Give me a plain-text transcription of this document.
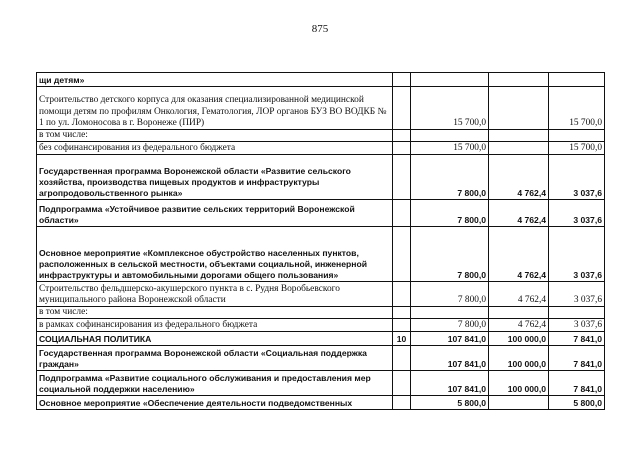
875
щи детям»				
Строительство детского корпуса для оказания специализированной медицинской помощи детям по профилям Онкология, Гематология, ЛОР органов БУЗ ВО ВОДКБ № 1 по ул. Ломоносова в г. Воронеже (ПИР)		15 700,0		15 700,0
в том числе:				
без софинансирования из федерального бюджета		15 700,0		15 700,0
Государственная программа Воронежской области «Развитие сельского хозяйства, производства пищевых продуктов и инфраструктуры агропродовольственного рынка»		7 800,0	4 762,4	3 037,6
Подпрограмма «Устойчивое развитие сельских территорий Воронежской области»		7 800,0	4 762,4	3 037,6
Основное мероприятие «Комплексное обустройство населенных пунктов, расположенных в сельской местности, объектами социальной, инженерной инфраструктуры и автомобильными дорогами общего пользования»		7 800,0	4 762,4	3 037,6
Строительство фельдшерско-акушерского пункта в с. Рудня Воробьевского муниципального района Воронежской области		7 800,0	4 762,4	3 037,6
в том числе:				
в рамках софинансирования из федерального бюджета		7 800,0	4 762,4	3 037,6
СОЦИАЛЬНАЯ ПОЛИТИКА	10	107 841,0	100 000,0	7 841,0
Государственная программа Воронежской области «Социальная поддержка граждан»		107 841,0	100 000,0	7 841,0
Подпрограмма «Развитие социального обслуживания и предоставления мер социальной поддержки населению»		107 841,0	100 000,0	7 841,0
Основное мероприятие «Обеспечение деятельности подведомственных		5 800,0		5 800,0
